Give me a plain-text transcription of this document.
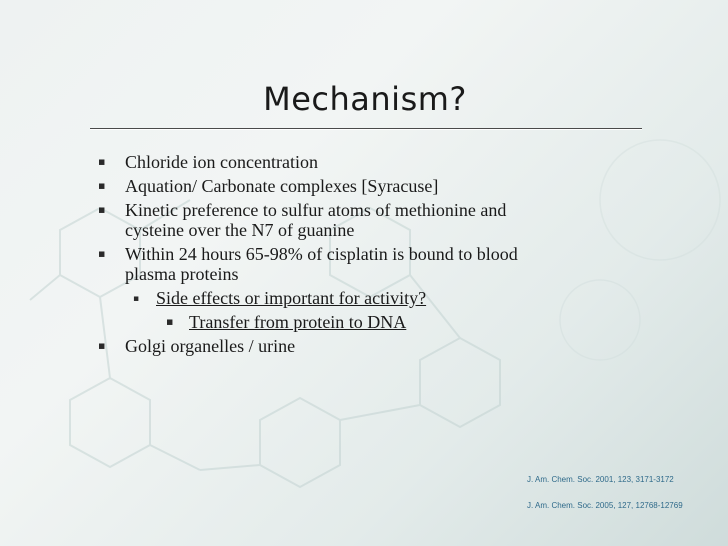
Mechanism?
▪ Chloride ion concentration
▪ Aquation/ Carbonate complexes [Syracuse]
▪ Kinetic preference to sulfur atoms of methionine and cysteine over the N7 of guanine
▪ Within 24 hours 65-98% of cisplatin is bound to blood plasma proteins
▪ Side effects or important for activity?
▪ Transfer from protein to DNA
▪ Golgi organelles / urine
J. Am. Chem. Soc. 2001, 123, 3171-3172
J. Am. Chem. Soc. 2005, 127, 12768-12769
